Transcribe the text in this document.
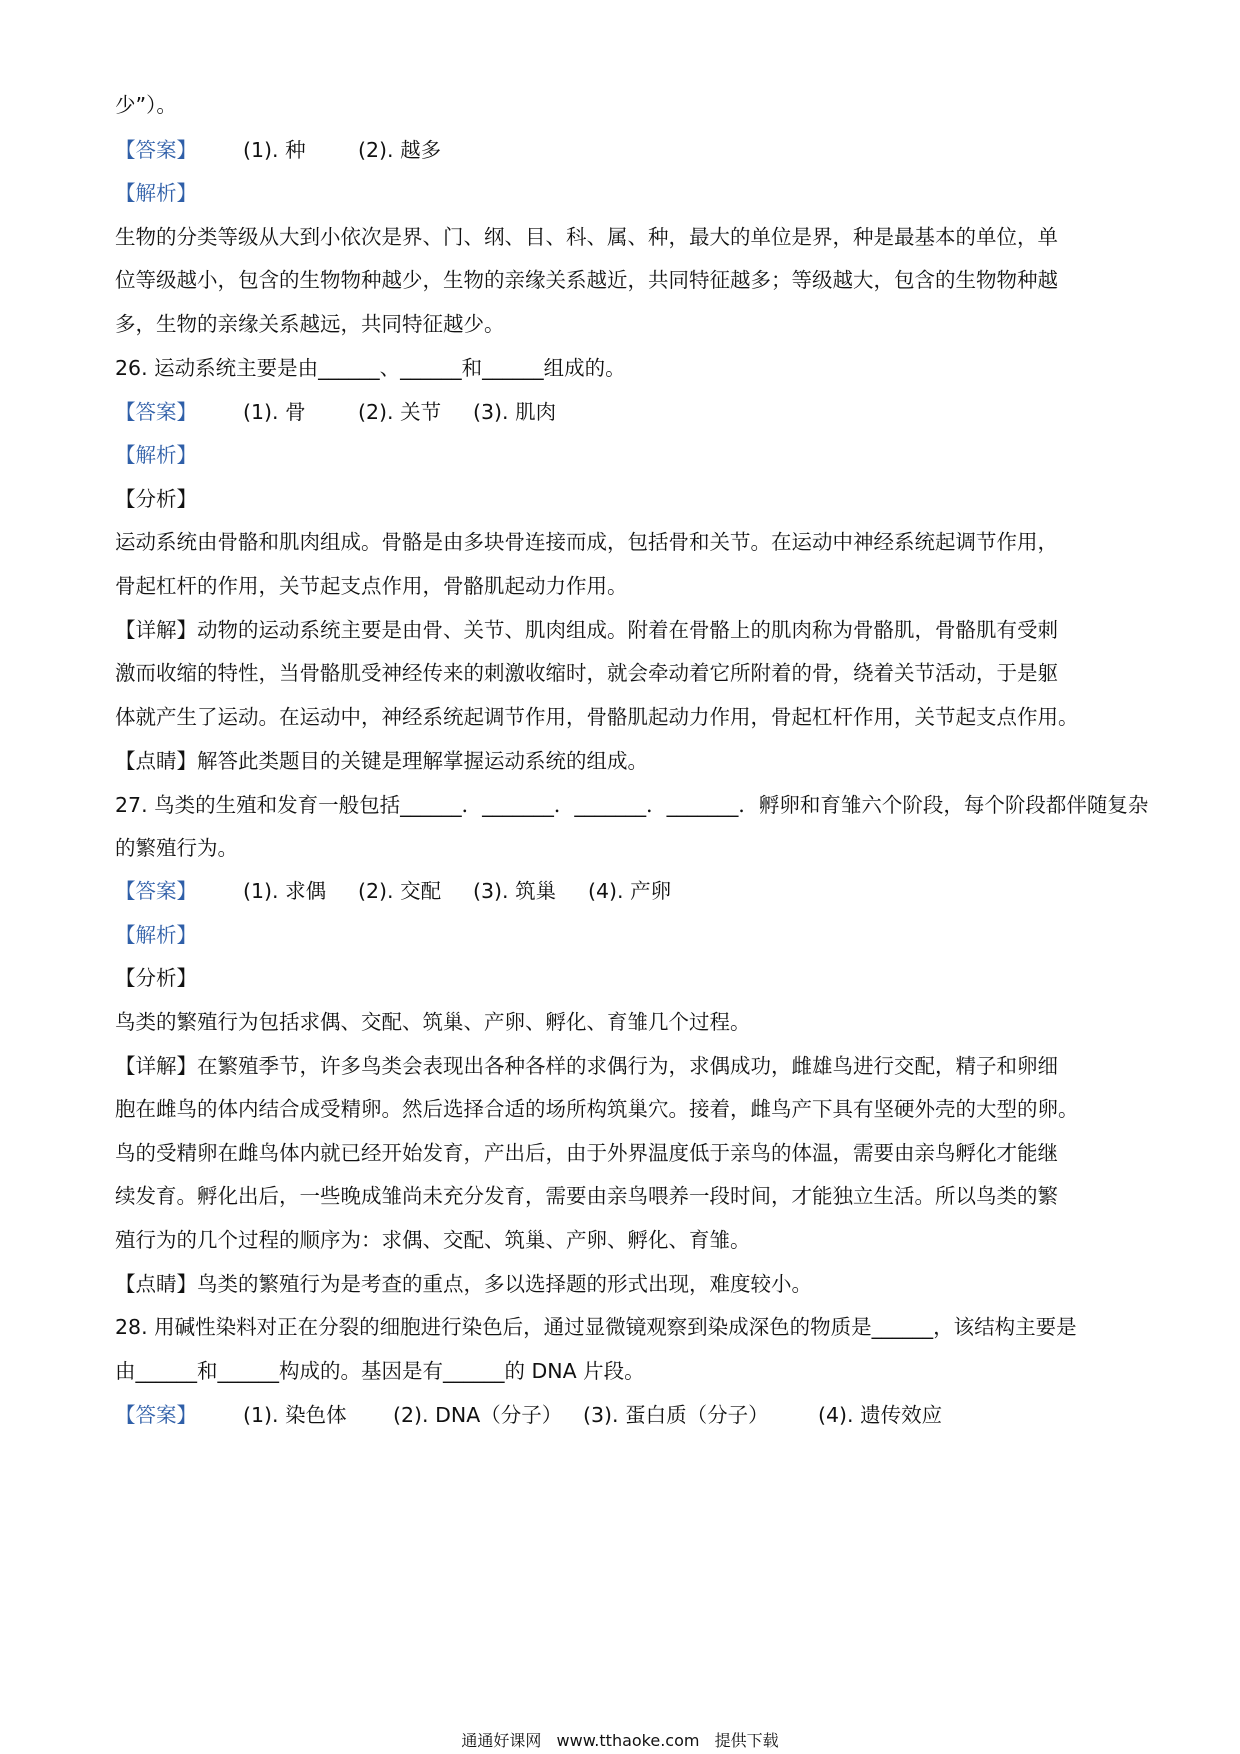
少”）。
【答案】 (1). 种	(2). 越多
【解析】
生物的分类等级从大到小依次是界、门、纲、目、科、属、种，最大的单位是界，种是最基本的单位，单
位等级越小，包含的生物物种越少，生物的亲缘关系越近，共同特征越多；等级越大，包含的生物物种越
多，生物的亲缘关系越远，共同特征越少。
26. 运动系统主要是由______、______和______组成的。
【答案】 (1). 骨	(2). 关节 (3). 肌肉
【解析】
【分析】
运动系统由骨骼和肌肉组成。骨骼是由多块骨连接而成，包括骨和关节。在运动中神经系统起调节作用，
骨起杠杆的作用，关节起支点作用，骨骼肌起动力作用。
【详解】动物的运动系统主要是由骨、关节、肌肉组成。附着在骨骼上的肌肉称为骨骼肌，骨骼肌有受刺
激而收缩的特性，当骨骼肌受神经传来的刺激收缩时，就会牵动着它所附着的骨，绕着关节活动，于是躯
体就产生了运动。在运动中，神经系统起调节作用，骨骼肌起动力作用，骨起杠杆作用，关节起支点作用。
【点睛】解答此类题目的关键是理解掌握运动系统的组成。
27. 鸟类的生殖和发育一般包括______．_______．_______．_______．孵卵和育雏六个阶段，每个阶段都伴随复杂
的繁殖行为。
【答案】 (1). 求偶 (2). 交配 (3). 筑巢 (4). 产卵
【解析】
【分析】
鸟类的繁殖行为包括求偶、交配、筑巢、产卵、孵化、育雏几个过程。
【详解】在繁殖季节，许多鸟类会表现出各种各样的求偶行为，求偶成功，雌雄鸟进行交配，精子和卵细
胞在雌鸟的体内结合成受精卵。然后选择合适的场所构筑巢穴。接着，雌鸟产下具有坚硬外壳的大型的卵。
鸟的受精卵在雌鸟体内就已经开始发育，产出后，由于外界温度低于亲鸟的体温，需要由亲鸟孵化才能继
续发育。孵化出后，一些晚成雏尚未充分发育，需要由亲鸟喂养一段时间，才能独立生活。所以鸟类的繁
殖行为的几个过程的顺序为：求偶、交配、筑巢、产卵、孵化、育雏。
【点睛】鸟类的繁殖行为是考查的重点，多以选择题的形式出现，难度较小。
28. 用碱性染料对正在分裂的细胞进行染色后，通过显微镜观察到染成深色的物质是______，该结构主要是
由______和______构成的。基因是有______的 DNA 片段。
【答案】 (1). 染色体 (2). DNA（分子） (3). 蛋白质（分子） (4). 遗传效应
通通好课网 www.tthaoke.com 提供下载
